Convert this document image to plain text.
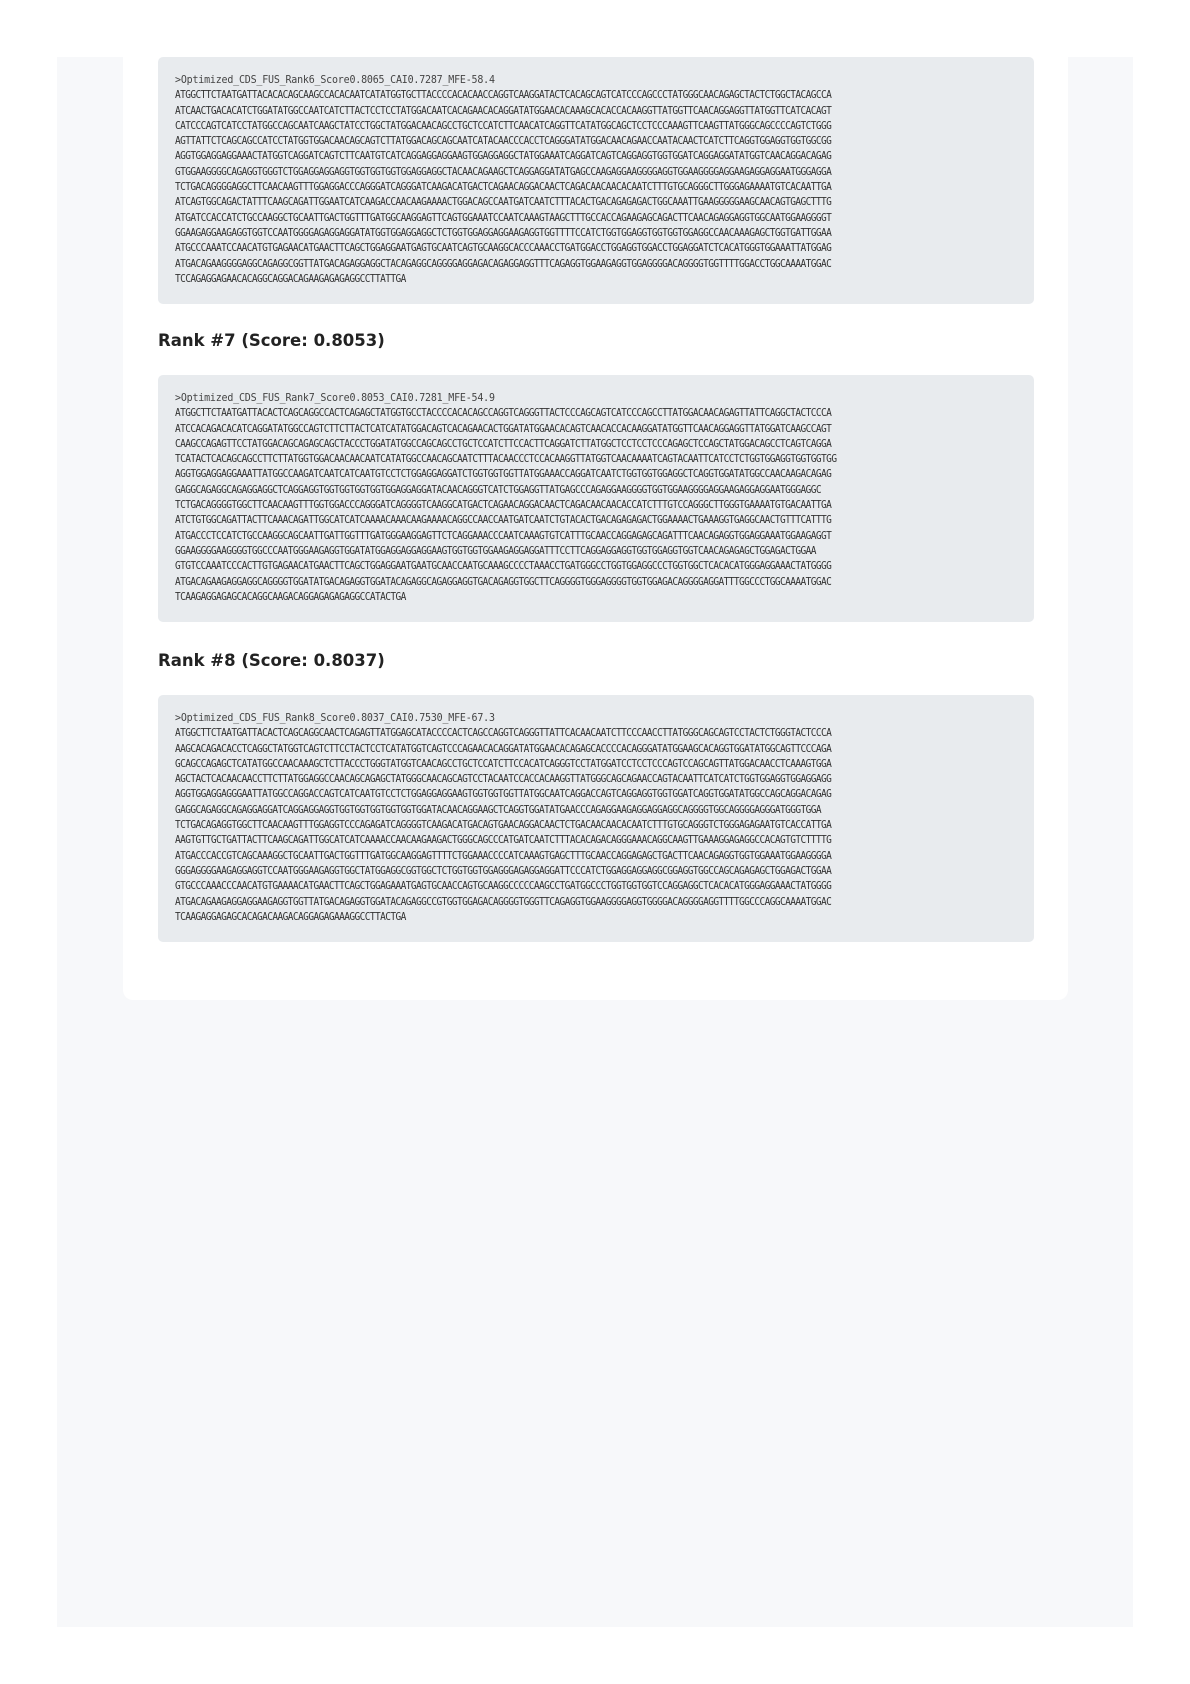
>Optimized_CDS_FUS_Rank6_Score0.8065_CAI0.7287_MFE-58.4
ATGGCTTCTAATGATTACACACAGCAAGCCACACAATCATATGGTGCTTACCCCACACAACCAGGTCAAGGATACTCACAGCAGTCATCCCAGCCCTATGGGCAACAGAGCTACTCTGGCTACAGCCA
ATCAACTGACACATCTGGATATGGCCAATCATCTTACTCCTCCTATGGACAATCACAGAACACAGGATATGGAACACAAAGCACACCACAAGGTTATGGTTCAACAGGAGGTTATGGTTCATCACAGT
CATCCCAGTCATCCTATGGCCAGCAATCAAGCTATCCTGGCTATGGACAACAGCCTGCTCCATCTTCAACATCAGGTTCATATGGCAGCTCCTCCCAAAGTTCAAGTTATGGGCAGCCCCAGTCTGGG
AGTTATTCTCAGCAGCCATCCTATGGTGGACAACAGCAGTCTTATGGACAGCAGCAATCATACAACCCACCTCAGGGATATGGACAACAGAACCAATACAACTCATCTTCAGGTGGAGGTGGTGGCGG
AGGTGGAGGAGGAAACTATGGTCAGGATCAGTCTTCAATGTCATCAGGAGGAGGAAGTGGAGGAGGCTATGGAAATCAGGATCAGTCAGGAGGTGGTGGATCAGGAGGATATGGTCAACAGGACAGAG
GTGGAAGGGGCAGAGGTGGGTCTGGAGGAGGAGGTGGTGGTGGTGGAGGAGGCTACAACAGAAGCTCAGGAGGATATGAGCCAAGAGGAAGGGGAGGTGGAAGGGGAGGAAGAGGAGGAATGGGAGGA
TCTGACAGGGGAGGCTTCAACAAGTTTGGAGGACCCAGGGATCAGGGATCAAGACATGACTCAGAACAGGACAACTCAGACAACAACACAATCTTTGTGCAGGGCTTGGGAGAAAATGTCACAATTGA
ATCAGTGGCAGACTATTTCAAGCAGATTGGAATCATCAAGACCAACAAGAAAACTGGACAGCCAATGATCAATCTTTACACTGACAGAGAGACTGGCAAATTGAAGGGGGAAGCAACAGTGAGCTTTG
ATGATCCACCATCTGCCAAGGCTGCAATTGACTGGTTTGATGGCAAGGAGTTCAGTGGAAATCCAATCAAAGTAAGCTTTGCCACCAGAAGAGCAGACTTCAACAGAGGAGGTGGCAATGGAAGGGGT
GGAAGAGGAAGAGGTGGTCCAATGGGGAGAGGAGGATATGGTGGAGGAGGCTCTGGTGGAGGAGGAAGAGGTGGTTTTCCATCTGGTGGAGGTGGTGGTGGAGGCCAACAAAGAGCTGGTGATTGGAA
ATGCCCAAATCCAACATGTGAGAACATGAACTTCAGCTGGAGGAATGAGTGCAATCAGTGCAAGGCACCCAAACCTGATGGACCTGGAGGTGGACCTGGAGGATCTCACATGGGTGGAAATTATGGAG
ATGACAGAAGGGGAGGCAGAGGCGGTTATGACAGAGGAGGCTACAGAGGCAGGGGAGGAGACAGAGGAGGTTTCAGAGGTGGAAGAGGTGGAGGGGACAGGGGTGGTTTTGGACCTGGCAAAATGGAC
TCCAGAGGAGAACACAGGCAGGACAGAAGAGAGAGGCCTTATTGA
Rank #7 (Score: 0.8053)
>Optimized_CDS_FUS_Rank7_Score0.8053_CAI0.7281_MFE-54.9
ATGGCTTCTAATGATTACACTCAGCAGGCCACTCAGAGCTATGGTGCCTACCCCACACAGCCAGGTCAGGGTTACTCCCAGCAGTCATCCCAGCCTTATGGACAACAGAGTTATTCAGGCTACTCCCA
ATCCACAGACACATCAGGATATGGCCAGTCTTCTTACTCATCATATGGACAGTCACAGAACACTGGATATGGAACACAGTCAACACCACAAGGATATGGTTCAACAGGAGGTTATGGATCAAGCCAGT
CAAGCCAGAGTTCCTATGGACAGCAGAGCAGCTACCCTGGATATGGCCAGCAGCCTGCTCCATCTTCCACTTCAGGATCTTATGGCTCCTCCTCCCAGAGCTCCAGCTATGGACAGCCTCAGTCAGGA
TCATACTCACAGCAGCCTTCTTATGGTGGACAACAACAATCATATGGCCAACAGCAATCTTTACAACCCTCCACAAGGTTATGGTCAACAAAATCAGTACAATTCATCCTCTGGTGGAGGTGGTGGTGG
AGGTGGAGGAGGAAATTATGGCCAAGATCAATCATCAATGTCCTCTGGAGGAGGATCTGGTGGTGGTTATGGAAACCAGGATCAATCTGGTGGTGGAGGCTCAGGTGGATATGGCCAACAAGACAGAG
GAGGCAGAGGCAGAGGAGGCTCAGGAGGTGGTGGTGGTGGTGGAGGAGGATACAACAGGGTCATCTGGAGGTTATGAGCCCAGAGGAAGGGGTGGTGGAAGGGGAGGAAGAGGAGGAATGGGAGGC
TCTGACAGGGGTGGCTTCAACAAGTTTGGTGGACCCAGGGATCAGGGGTCAAGGCATGACTCAGAACAGGACAACTCAGACAACAACACCATCTTTGTCCAGGGCTTGGGTGAAAATGTGACAATTGA
ATCTGTGGCAGATTACTTCAAACAGATTGGCATCATCAAAACAAACAAGAAAACAGGCCAACCAATGATCAATCTGTACACTGACAGAGAGACTGGAAAACTGAAAGGTGAGGCAACTGTTTCATTTG
ATGACCCTCCATCTGCCAAGGCAGCAATTGATTGGTTTGATGGGAAGGAGTTCTCAGGAAACCCAATCAAAGTGTCATTTGCAACCAGGAGAGCAGATTTCAACAGAGGTGGAGGAAATGGAAGAGGT
GGAAGGGGAAGGGGTGGCCCAATGGGAAGAGGTGGATATGGAGGAGGAGGAAGTGGTGGTGGAAGAGGAGGATTTCCTTCAGGAGGAGGTGGTGGAGGTGGTCAACAGAGAGCTGGAGACTGGAA
GTGTCCAAATCCCACTTGTGAGAACATGAACTTCAGCTGGAGGAATGAATGCAACCAATGCAAAGCCCCTAAACCTGATGGGCCTGGTGGAGGCCCTGGTGGCTCACACATGGGAGGAAACTATGGGG
ATGACAGAAGAGGAGGCAGGGGTGGATATGACAGAGGTGGATACAGAGGCAGAGGAGGTGACAGAGGTGGCTTCAGGGGTGGGAGGGGTGGTGGAGACAGGGGAGGATTTGGCCCTGGCAAAATGGAC
TCAAGAGGAGAGCACAGGCAAGACAGGAGAGAGAGGCCATACTGA
Rank #8 (Score: 0.8037)
>Optimized_CDS_FUS_Rank8_Score0.8037_CAI0.7530_MFE-67.3
ATGGCTTCTAATGATTACACTCAGCAGGCAACTCAGAGTTATGGAGCATACCCCACTCAGCCAGGTCAGGGTTATTCACAACAATCTTCCCAACCTTATGGGCAGCAGTCCTACTCTGGGTACTCCCA
AAGCACAGACACCTCAGGCTATGGTCAGTCTTCCTACTCCTCATATGGTCAGTCCCAGAACACAGGATATGGAACACAGAGCACCCCACAGGGATATGGAAGCACAGGTGGATATGGCAGTTCCCAGA
GCAGCCAGAGCTCATATGGCCAACAAAGCTCTTACCCTGGGTATGGTCAACAGCCTGCTCCATCTTCCACATCAGGGTCCTATGGATCCTCCTCCCAGTCCAGCAGTTATGGACAACCTCAAAGTGGA
AGCTACTCACAACAACCTTCTTATGGAGGCCAACAGCAGAGCTATGGGCAACAGCAGTCCTACAATCCACCACAAGGTTATGGGCAGCAGAACCAGTACAATTCATCATCTGGTGGAGGTGGAGGAGG
AGGTGGAGGAGGGAATTATGGCCAGGACCAGTCATCAATGTCCTCTGGAGGAGGAAGTGGTGGTGGTTATGGCAATCAGGACCAGTCAGGAGGTGGTGGATCAGGTGGATATGGCCAGCAGGACAGAG
GAGGCAGAGGCAGAGGAGGATCAGGAGGAGGTGGTGGTGGTGGTGGTGGATACAACAGGAAGCTCAGGTGGATATGAACCCAGAGGAAGAGGAGGAGGCAGGGGTGGCAGGGGAGGGATGGGTGGA
TCTGACAGAGGTGGCTTCAACAAGTTTGGAGGTCCCAGAGATCAGGGGTCAAGACATGACAGTGAACAGGACAACTCTGACAACAACACAATCTTTGTGCAGGGTCTGGGAGAGAATGTCACCATTGA
AAGTGTTGCTGATTACTTCAAGCAGATTGGCATCATCAAAACCAACAAGAAGACTGGGCAGCCCATGATCAATCTTTACACAGACAGGGAAACAGGCAAGTTGAAAGGAGAGGCCACAGTGTCTTTTG
ATGACCCACCGTCAGCAAAGGCTGCAATTGACTGGTTTGATGGCAAGGAGTTTTCTGGAAACCCCATCAAAGTGAGCTTTGCAACCAGGAGAGCTGACTTCAACAGAGGTGGTGGAAATGGAAGGGGA
GGGAGGGGAAGAGGAGGTCCAATGGGAAGAGGTGGCTATGGAGGCGGTGGCTCTGGTGGTGGAGGGAGAGGAGGATTCCCATCTGGAGGAGGAGGCGGAGGTGGCCAGCAGAGAGCTGGAGACTGGAA
GTGCCCAAACCCAACATGTGAAAACATGAACTTCAGCTGGAGAAATGAGTGCAACCAGTGCAAGGCCCCCAAGCCTGATGGCCCTGGTGGTGGTCCAGGAGGCTCACACATGGGAGGAAACTATGGGG
ATGACAGAAGAGGAGGAAGAGGTGGTTATGACAGAGGTGGATACAGAGGCCGTGGTGGAGACAGGGGTGGGTTCAGAGGTGGAAGGGGAGGTGGGGACAGGGGAGGTTTTGGCCCAGGCAAAATGGAC
TCAAGAGGAGAGCACAGACAAGACAGGAGAGAAAGGCCTTACTGA
